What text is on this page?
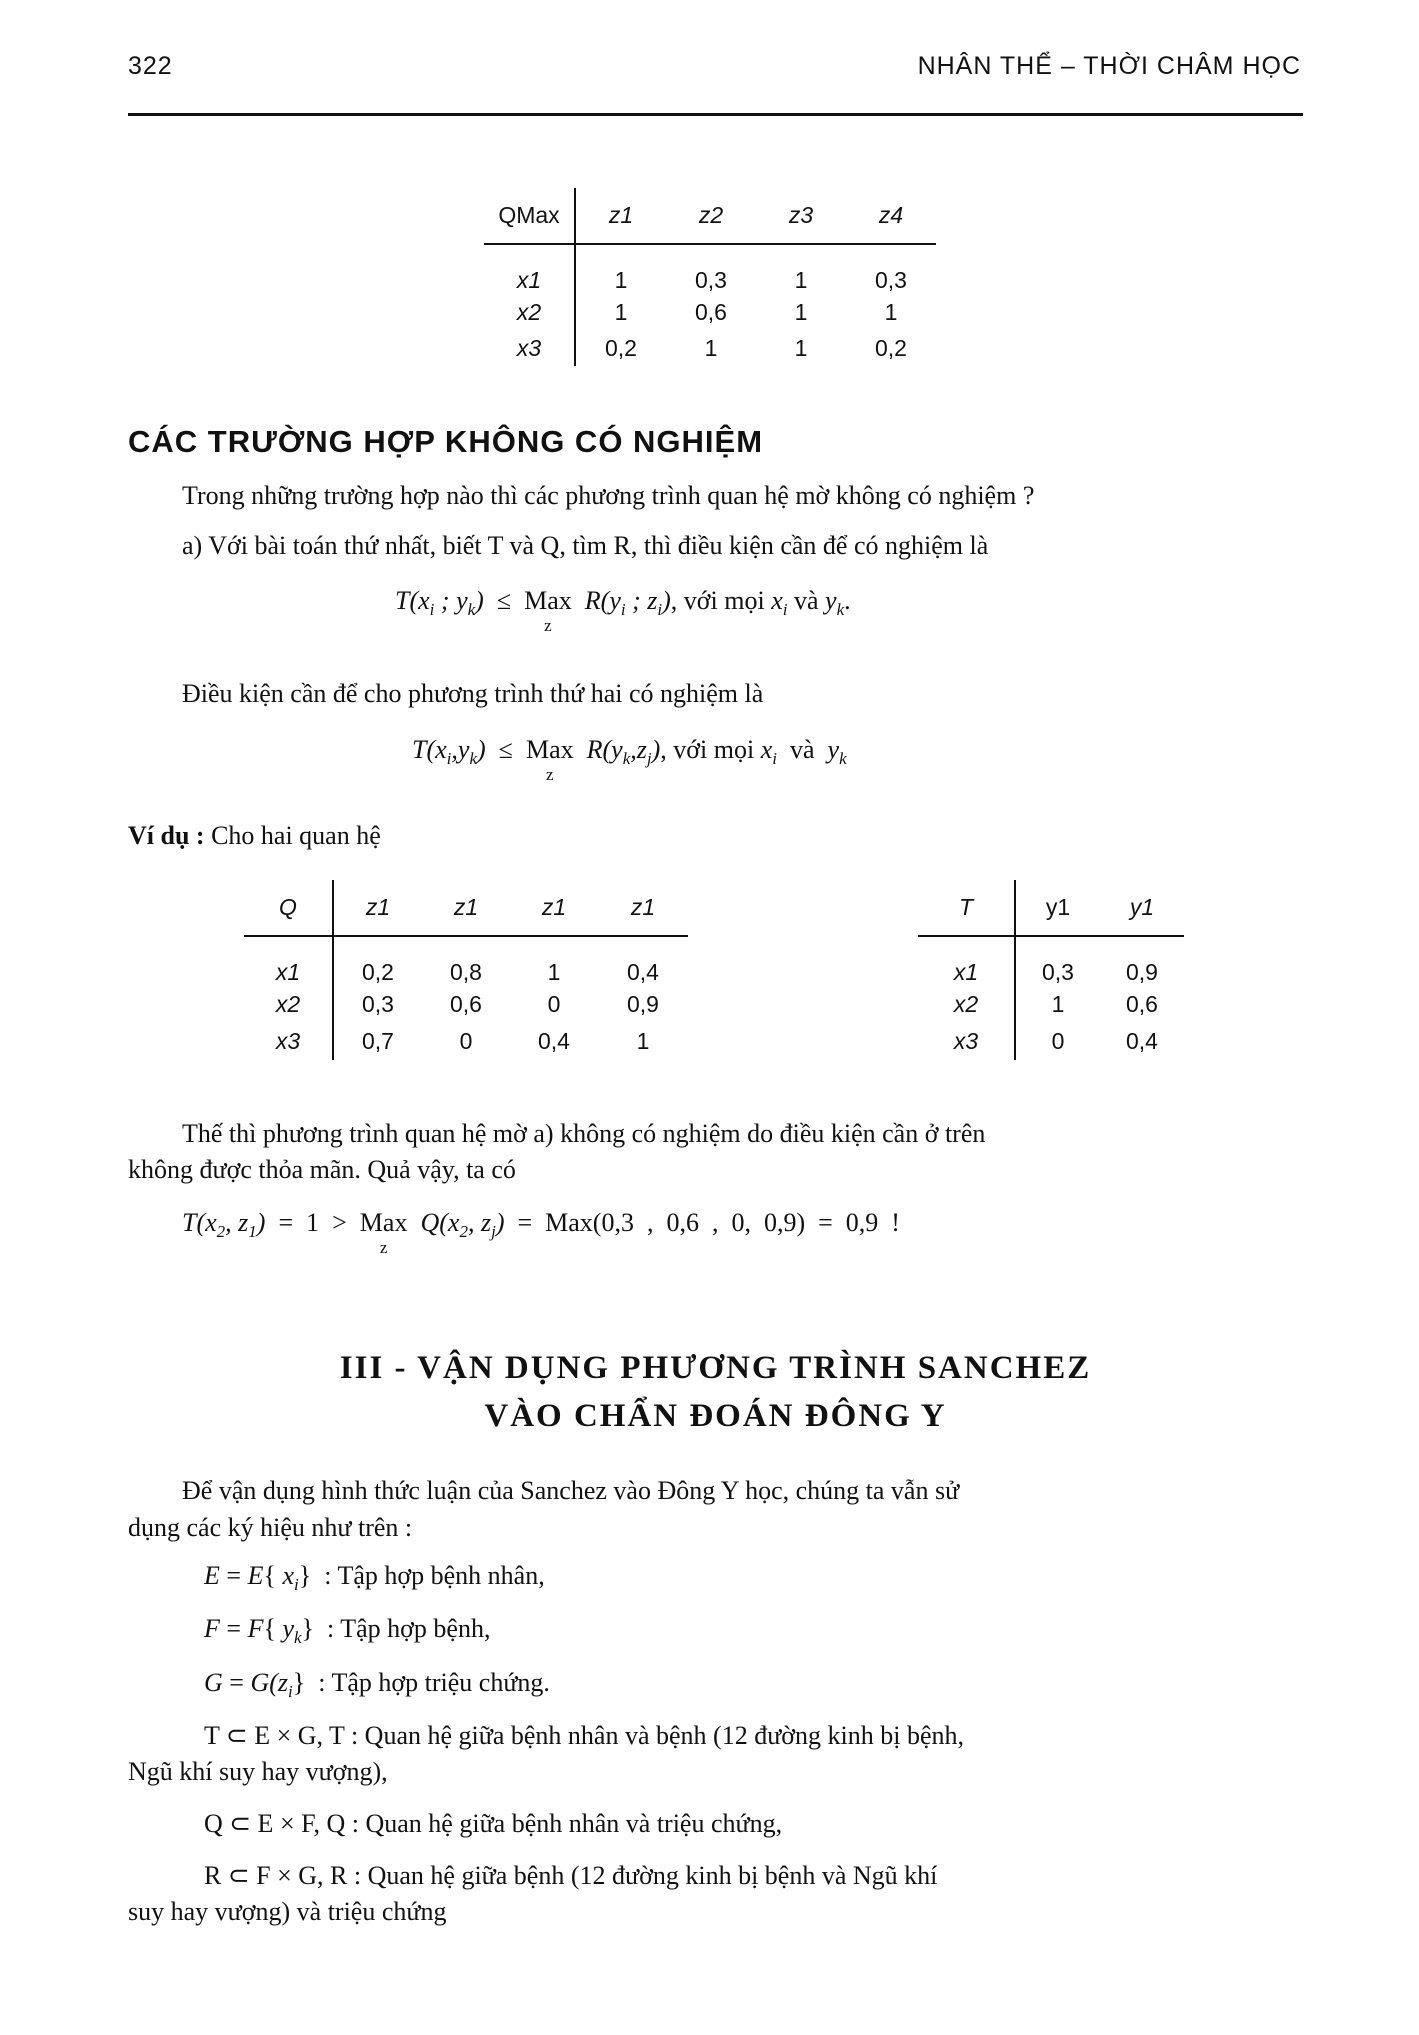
322	NHÂN THỂ – THỜI CHÂM HỌC
QMax	z1	z2	z3	z4
x1	1	0,3	1	0,3
x2	1	0,6	1	1
x3	0,2	1	1	0,2
CÁC TRƯỜNG HỢP KHÔNG CÓ NGHIỆM
Trong những trường hợp nào thì các phương trình quan hệ mờ không có nghiệm ?
a) Với bài toán thứ nhất, biết T và Q, tìm R, thì điều kiện cần để có nghiệm là
$T(x_i$ ; $y_k$)  ≤  Max
z
$R(y_i$ ; $z_i$), với mọi $x_i$ và $y_k$.
Điều kiện cần để cho phương trình thứ hai có nghiệm là
$T(x_i,y_k)$  ≤  Max
z
$R(y_k,z_j)$, với mọi $x_i$  và  $y_k$
Ví dụ : Cho hai quan hệ
Q	z1	z1	z1	z1
x1	0,2	0,8	1	0,4
x2	0,3	0,6	0	0,9
x3	0,7	0	0,4	1
T	y1	y1
x1	0,3	0,9
x2	1	0,6
x3	0	0,4
Thế thì phương trình quan hệ mờ a) không có nghiệm do điều kiện cần ở trên
không được thỏa mãn. Quả vậy, ta có
$T(x_2$, $z_1) = 1$  >  Max
z
$Q(x_2$, $z_j) = Max(0,3$  ,  0,6  ,  0,  0,9)  =  0,9  !
III - VẬN DỤNG PHƯƠNG TRÌNH SANCHEZ
VÀO CHẨN ĐOÁN ĐÔNG Y
Để vận dụng hình thức luận của Sanchez vào Đông Y học, chúng ta vẫn sử
dụng các ký hiệu như trên :
E = E{ $x_i$}  : Tập hợp bệnh nhân,
F = F{ $y_k$}  : Tập hợp bệnh,
$G = G(z_i\}$  : Tập hợp triệu chứng.
T ⊂ E × G, T : Quan hệ giữa bệnh nhân và bệnh (12 đường kinh bị bệnh,
Ngũ khí suy hay vượng),
Q ⊂ E × F, Q : Quan hệ giữa bệnh nhân và triệu chứng,
R ⊂ F × G, R : Quan hệ giữa bệnh (12 đường kinh bị bệnh và Ngũ khí
suy hay vượng) và triệu chứng
